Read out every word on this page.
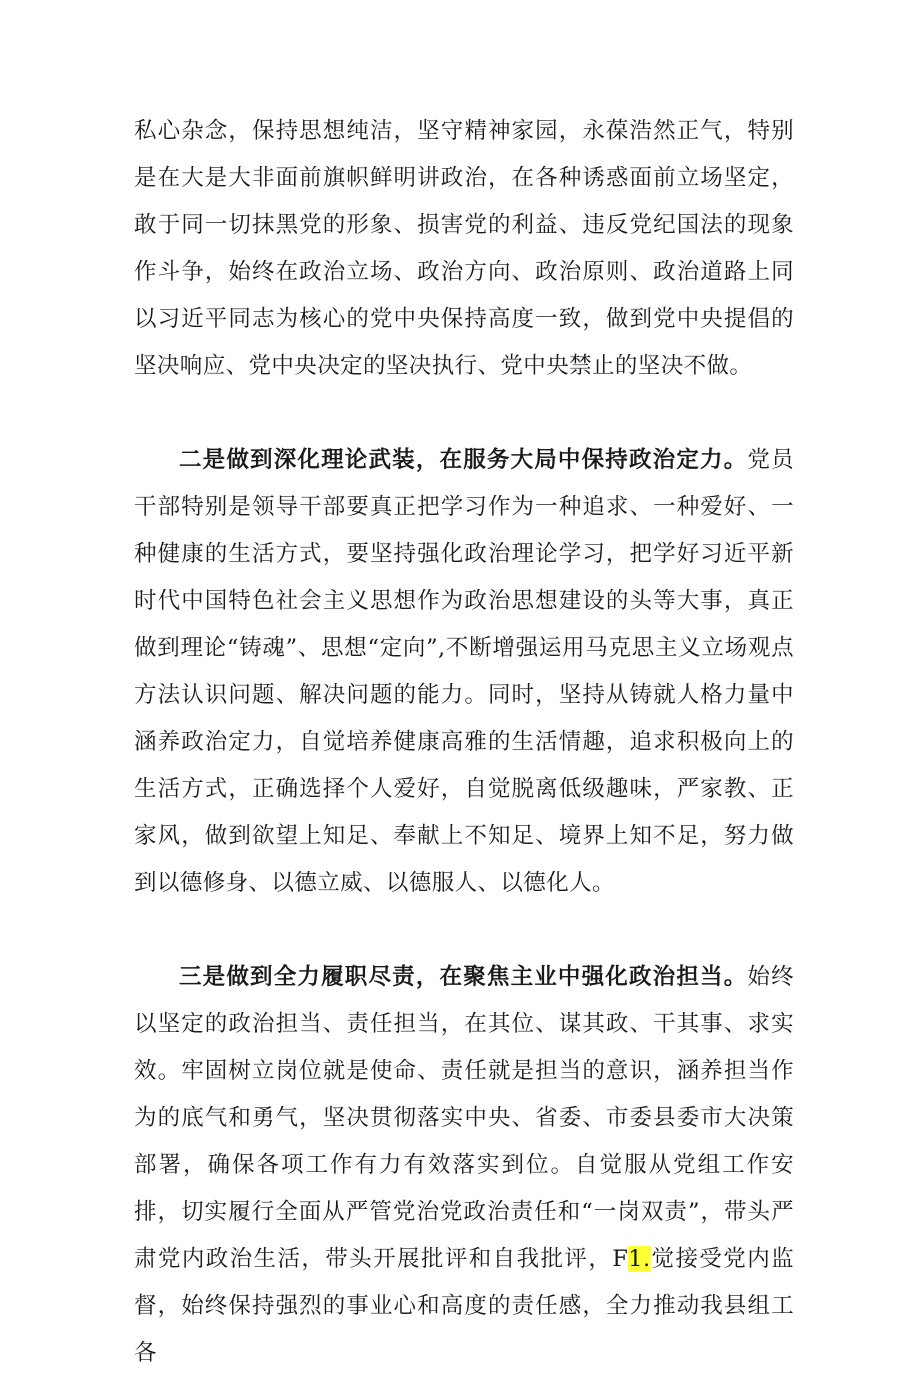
私心杂念，保持思想纯洁，坚守精神家园，永葆浩然正气，特别是在大是大非面前旗帜鲜明讲政治，在各种诱惑面前立场坚定，敢于同一切抹黑党的形象、损害党的利益、违反党纪国法的现象作斗争，始终在政治立场、政治方向、政治原则、政治道路上同以习近平同志为核心的党中央保持高度一致，做到党中央提倡的坚决响应、党中央决定的坚决执行、党中央禁止的坚决不做。

二是做到深化理论武装，在服务大局中保持政治定力。党员干部特别是领导干部要真正把学习作为一种追求、一种爱好、一种健康的生活方式，要坚持强化政治理论学习，把学好习近平新时代中国特色社会主义思想作为政治思想建设的头等大事，真正做到理论“铸魂”、思想“定向”,不断增强运用马克思主义立场观点方法认识问题、解决问题的能力。同时，坚持从铸就人格力量中涵养政治定力，自觉培养健康高雅的生活情趣，追求积极向上的生活方式，正确选择个人爱好，自觉脱离低级趣味，严家教、正家风，做到欲望上知足、奉献上不知足、境界上知不足，努力做到以德修身、以德立威、以德服人、以德化人。

三是做到全力履职尽责，在聚焦主业中强化政治担当。始终以坚定的政治担当、责任担当，在其位、谋其政、干其事、求实效。牢固树立岗位就是使命、责任就是担当的意识，涵养担当作为的底气和勇气，坚决贯彻落实中央、省委、市委县委市大决策部署，确保各项工作有力有效落实到位。自觉服从党组工作安排，切实履行全面从严管党治党政治责任和“一岗双责”，带头严肃党内政治生活，带头开展批评和自我批评，F1.觉接受党内监督，始终保持强烈的事业心和高度的责任感，全力推动我县组工各
